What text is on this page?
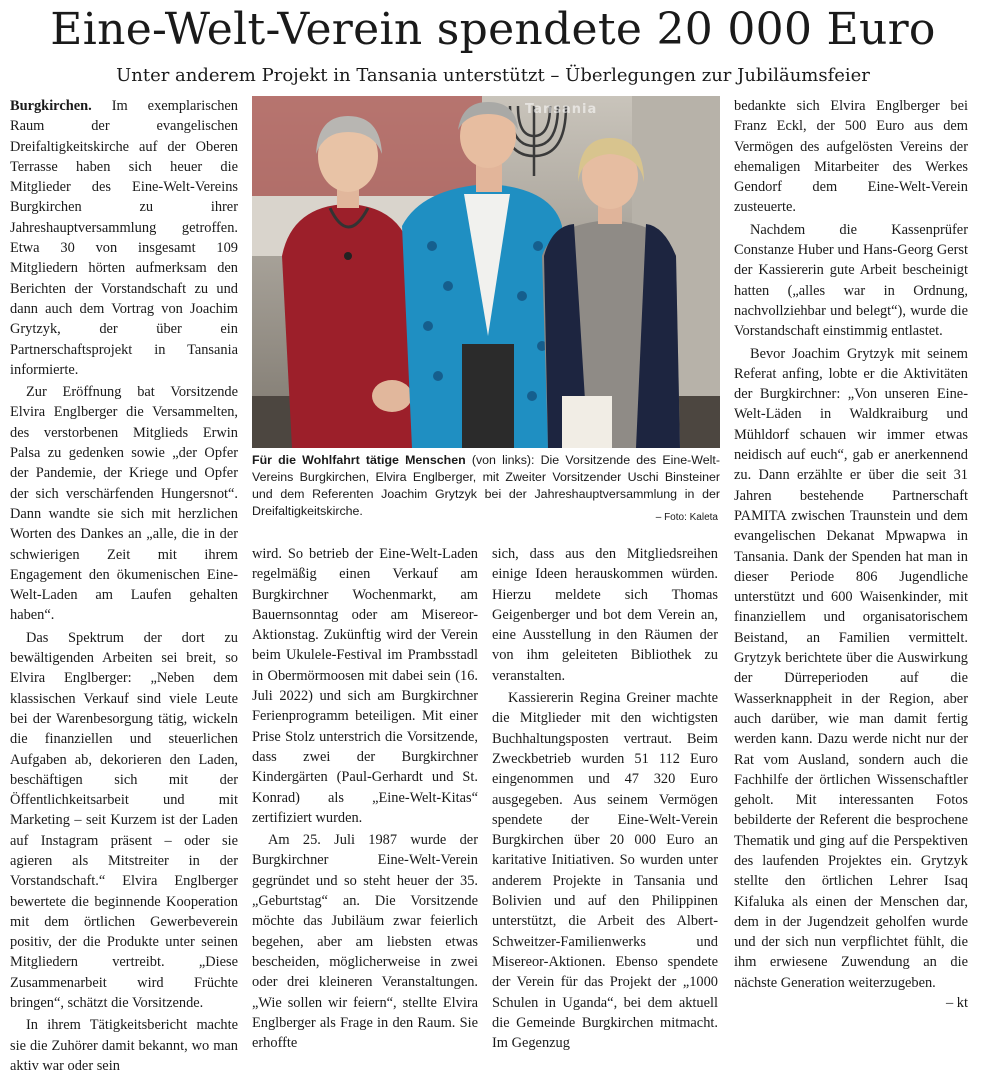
Eine-Welt-Verein spendete 20 000 Euro
Unter anderem Projekt in Tansania unterstützt – Überlegungen zur Jubiläumsfeier

Burgkirchen. Im exemplarischen Raum der evangelischen Dreifaltigkeitskirche auf der Oberen Terrasse haben sich heuer die Mitglieder des Eine-Welt-Vereins Burgkirchen zu ihrer Jahreshauptversammlung getroffen. Etwa 30 von insgesamt 109 Mitgliedern hörten aufmerksam den Berichten der Vorstandschaft zu und dann auch dem Vortrag von Joachim Grytzyk, der über ein Partnerschaftsprojekt in Tansania informierte.

Zur Eröffnung bat Vorsitzende Elvira Englberger die Versammelten, des verstorbenen Mitglieds Erwin Palsa zu gedenken sowie „der Opfer der Pandemie, der Kriege und Opfer der sich verschärfenden Hungersnot“. Dann wandte sie sich mit herzlichen Worten des Dankes an „alle, die in der schwierigen Zeit mit ihrem Engagement den ökumenischen Eine-Welt-Laden am Laufen gehalten haben“.

Das Spektrum der dort zu bewältigenden Arbeiten sei breit, so Elvira Englberger: „Neben dem klassischen Verkauf sind viele Leute bei der Warenbesorgung tätig, wickeln die finanziellen und steuerlichen Aufgaben ab, dekorieren den Laden, beschäftigen sich mit der Öffentlichkeitsarbeit und mit Marketing – seit Kurzem ist der Laden auf Instagram präsent – oder sie agieren als Mitstreiter in der Vorstandschaft.“ Elvira Englberger bewertete die beginnende Kooperation mit dem örtlichen Gewerbeverein positiv, der die Produkte unter seinen Mitgliedern vertreibt. „Diese Zusammenarbeit wird Früchte bringen“, schätzt die Vorsitzende.

In ihrem Tätigkeitsbericht machte sie die Zuhörer damit bekannt, wo man aktiv war oder sein

Tansania
Für die Wohlfahrt tätige Menschen (von links): Die Vorsitzende des Eine-Welt-Vereins Burgkirchen, Elvira Englberger, mit Zweiter Vorsitzender Uschi Binsteiner und dem Referenten Joachim Grytzyk bei der Jahreshauptversammlung in der Dreifaltigkeitskirche.	– Foto: Kaleta

wird. So betrieb der Eine-Welt-Laden regelmäßig einen Verkauf am Burgkirchner Wochenmarkt, am Bauernsonntag oder am Misereor-Aktionstag. Zukünftig wird der Verein beim Ukulele-Festival im Prambsstadl in Obermörmoosen mit dabei sein (16. Juli 2022) und sich am Burgkirchner Ferienprogramm beteiligen. Mit einer Prise Stolz unterstrich die Vorsitzende, dass zwei der Burgkirchner Kindergärten (Paul-Gerhardt und St. Konrad) als „Eine-Welt-Kitas“ zertifiziert wurden.

Am 25. Juli 1987 wurde der Burgkirchner Eine-Welt-Verein gegründet und so steht heuer der 35. „Geburtstag“ an. Die Vorsitzende möchte das Jubiläum zwar feierlich begehen, aber am liebsten etwas bescheiden, möglicherweise in zwei oder drei kleineren Veranstaltungen. „Wie sollen wir feiern“, stellte Elvira Englberger als Frage in den Raum. Sie erhoffte

sich, dass aus den Mitgliedsreihen einige Ideen herauskommen würden. Hierzu meldete sich Thomas Geigenberger und bot dem Verein an, eine Ausstellung in den Räumen der von ihm geleiteten Bibliothek zu veranstalten.

Kassiererin Regina Greiner machte die Mitglieder mit den wichtigsten Buchhaltungsposten vertraut. Beim Zweckbetrieb wurden 51 112 Euro eingenommen und 47 320 Euro ausgegeben. Aus seinem Vermögen spendete der Eine-Welt-Verein Burgkirchen über 20 000 Euro an karitative Initiativen. So wurden unter anderem Projekte in Tansania und Bolivien und auf den Philippinen unterstützt, die Arbeit des Albert-Schweitzer-Familienwerks und Misereor-Aktionen. Ebenso spendete der Verein für das Projekt der „1000 Schulen in Uganda“, bei dem aktuell die Gemeinde Burgkirchen mitmacht. Im Gegenzug

bedankte sich Elvira Englberger bei Franz Eckl, der 500 Euro aus dem Vermögen des aufgelösten Vereins der ehemaligen Mitarbeiter des Werkes Gendorf dem Eine-Welt-Verein zusteuerte.

Nachdem die Kassenprüfer Constanze Huber und Hans-Georg Gerst der Kassiererin gute Arbeit bescheinigt hatten („alles war in Ordnung, nachvollziehbar und belegt“), wurde die Vorstandschaft einstimmig entlastet.

Bevor Joachim Grytzyk mit seinem Referat anfing, lobte er die Aktivitäten der Burgkirchner: „Von unseren Eine-Welt-Läden in Waldkraiburg und Mühldorf schauen wir immer etwas neidisch auf euch“, gab er anerkennend zu. Dann erzählte er über die seit 31 Jahren bestehende Partnerschaft PAMITA zwischen Traunstein und dem evangelischen Dekanat Mpwapwa in Tansania. Dank der Spenden hat man in dieser Periode 806 Jugendliche unterstützt und 600 Waisenkinder, mit finanziellem und organisatorischem Beistand, an Familien vermittelt. Grytzyk berichtete über die Auswirkung der Dürreperioden auf die Wasserknappheit in der Region, aber auch darüber, wie man damit fertig werden kann. Dazu werde nicht nur der Rat vom Ausland, sondern auch die Fachhilfe der örtlichen Wissenschaftler geholt. Mit interessanten Fotos bebilderte der Referent die besprochene Thematik und ging auf die Perspektiven des laufenden Projektes ein. Grytzyk stellte den örtlichen Lehrer Isaq Kifaluka als einen der Menschen dar, dem in der Jugendzeit geholfen wurde und der sich nun verpflichtet fühlt, die ihm erwiesene Zuwendung an die nächste Generation weiterzugeben.
– kt
